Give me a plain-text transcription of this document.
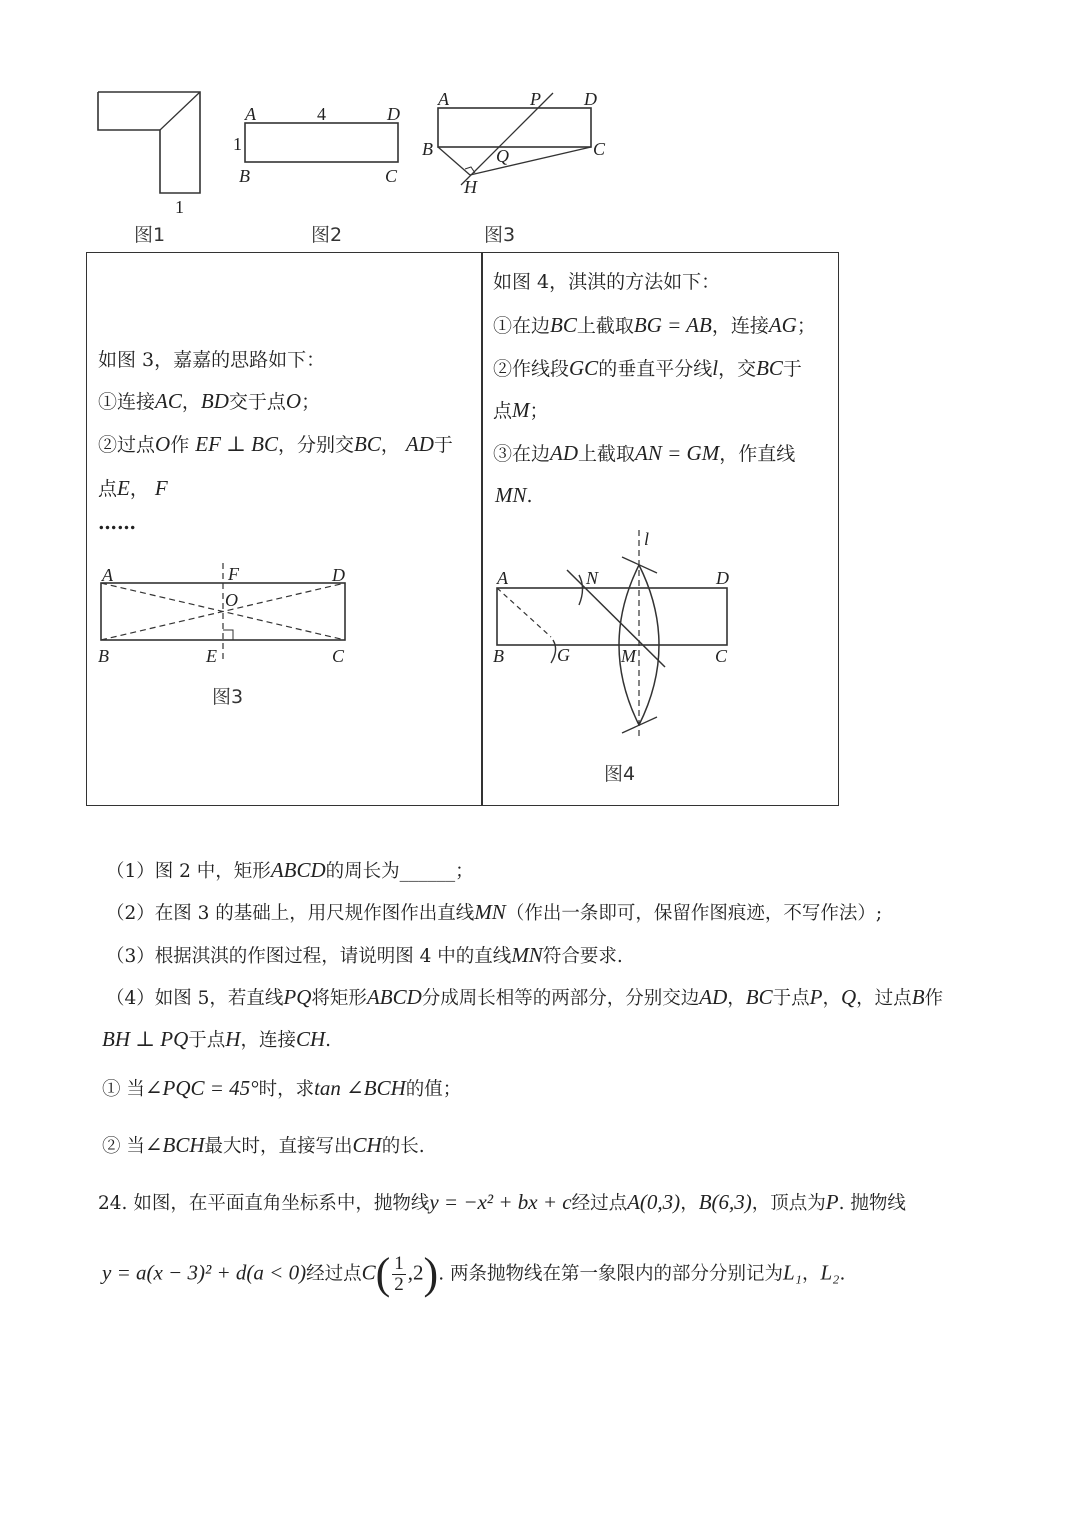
1
图1
A	4	D
1
B	C
图2
A	P D
B	Q	C
H
图3
如图 3，嘉嘉的思路如下：
①连接AC，BD交于点O；
②过点O作 EF ⊥ BC，分别交BC， AD于
点E， F
……
A	F	D
O
B	E	C
图3
如图 4，淇淇的方法如下：
①在边BC上截取BG = AB，连接AG；
②作线段GC的垂直平分线l，交BC于
点M；
③在边AD上截取AN = GM，作直线
MN.
l
A	N	D
B	G	M	C
图4
（1）图 2 中，矩形ABCD的周长为______；
（2）在图 3 的基础上，用尺规作图作出直线MN（作出一条即可，保留作图痕迹，不写作法）;
（3）根据淇淇的作图过程，请说明图 4 中的直线MN符合要求.
（4）如图 5，若直线PQ将矩形ABCD分成周长相等的两部分，分别交边AD，BC于点P，Q，过点B作
BH ⊥ PQ于点H，连接CH.
① 当∠PQC = 45°时，求tan ∠BCH的值；
② 当∠BCH最大时，直接写出CH的长.
24. 如图，在平面直角坐标系中，抛物线y = −x² + bx + c经过点A(0,3)，B(6,3)，顶点为P. 抛物线
y = a(x − 3)² + d(a < 0)经过点$C( \frac{1}{2} ,2)$. 两条抛物线在第一象限内的部分分别记为L₁，L₂.
